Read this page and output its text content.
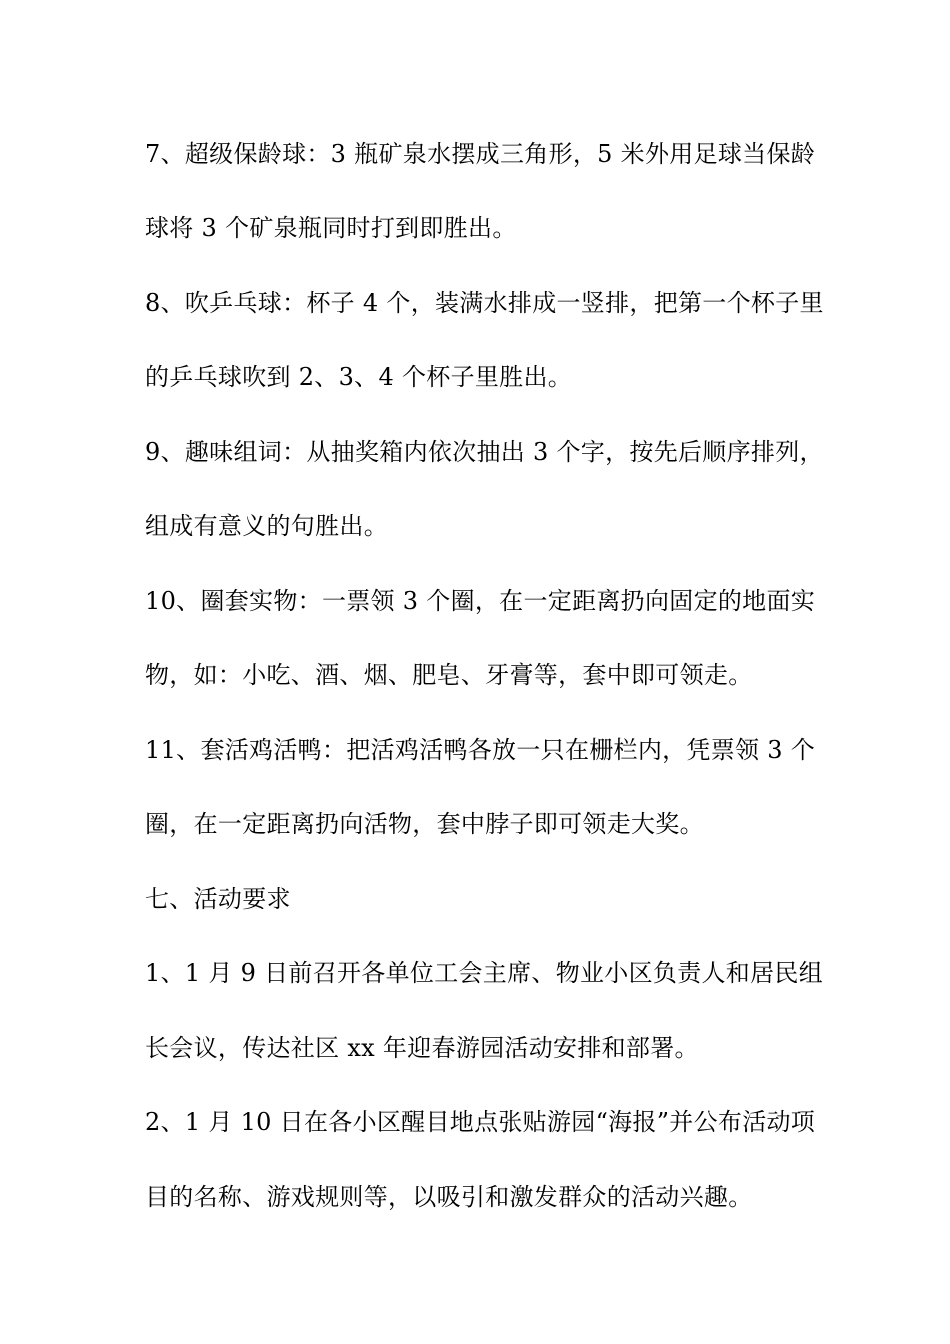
7、超级保龄球：3 瓶矿泉水摆成三角形，5 米外用足球当保龄
球将 3 个矿泉瓶同时打到即胜出。
8、吹乒乓球：杯子 4 个，装满水排成一竖排，把第一个杯子里
的乒乓球吹到 2、3、4 个杯子里胜出。
9、趣味组词：从抽奖箱内依次抽出 3 个字，按先后顺序排列，
组成有意义的句胜出。
10、圈套实物：一票领 3 个圈，在一定距离扔向固定的地面实
物，如：小吃、酒、烟、肥皂、牙膏等，套中即可领走。
11、套活鸡活鸭：把活鸡活鸭各放一只在栅栏内，凭票领 3 个
圈，在一定距离扔向活物，套中脖子即可领走大奖。
七、活动要求
1、1 月 9 日前召开各单位工会主席、物业小区负责人和居民组
长会议，传达社区 xx 年迎春游园活动安排和部署。
2、1 月 10 日在各小区醒目地点张贴游园“海报”并公布活动项
目的名称、游戏规则等，以吸引和激发群众的活动兴趣。
